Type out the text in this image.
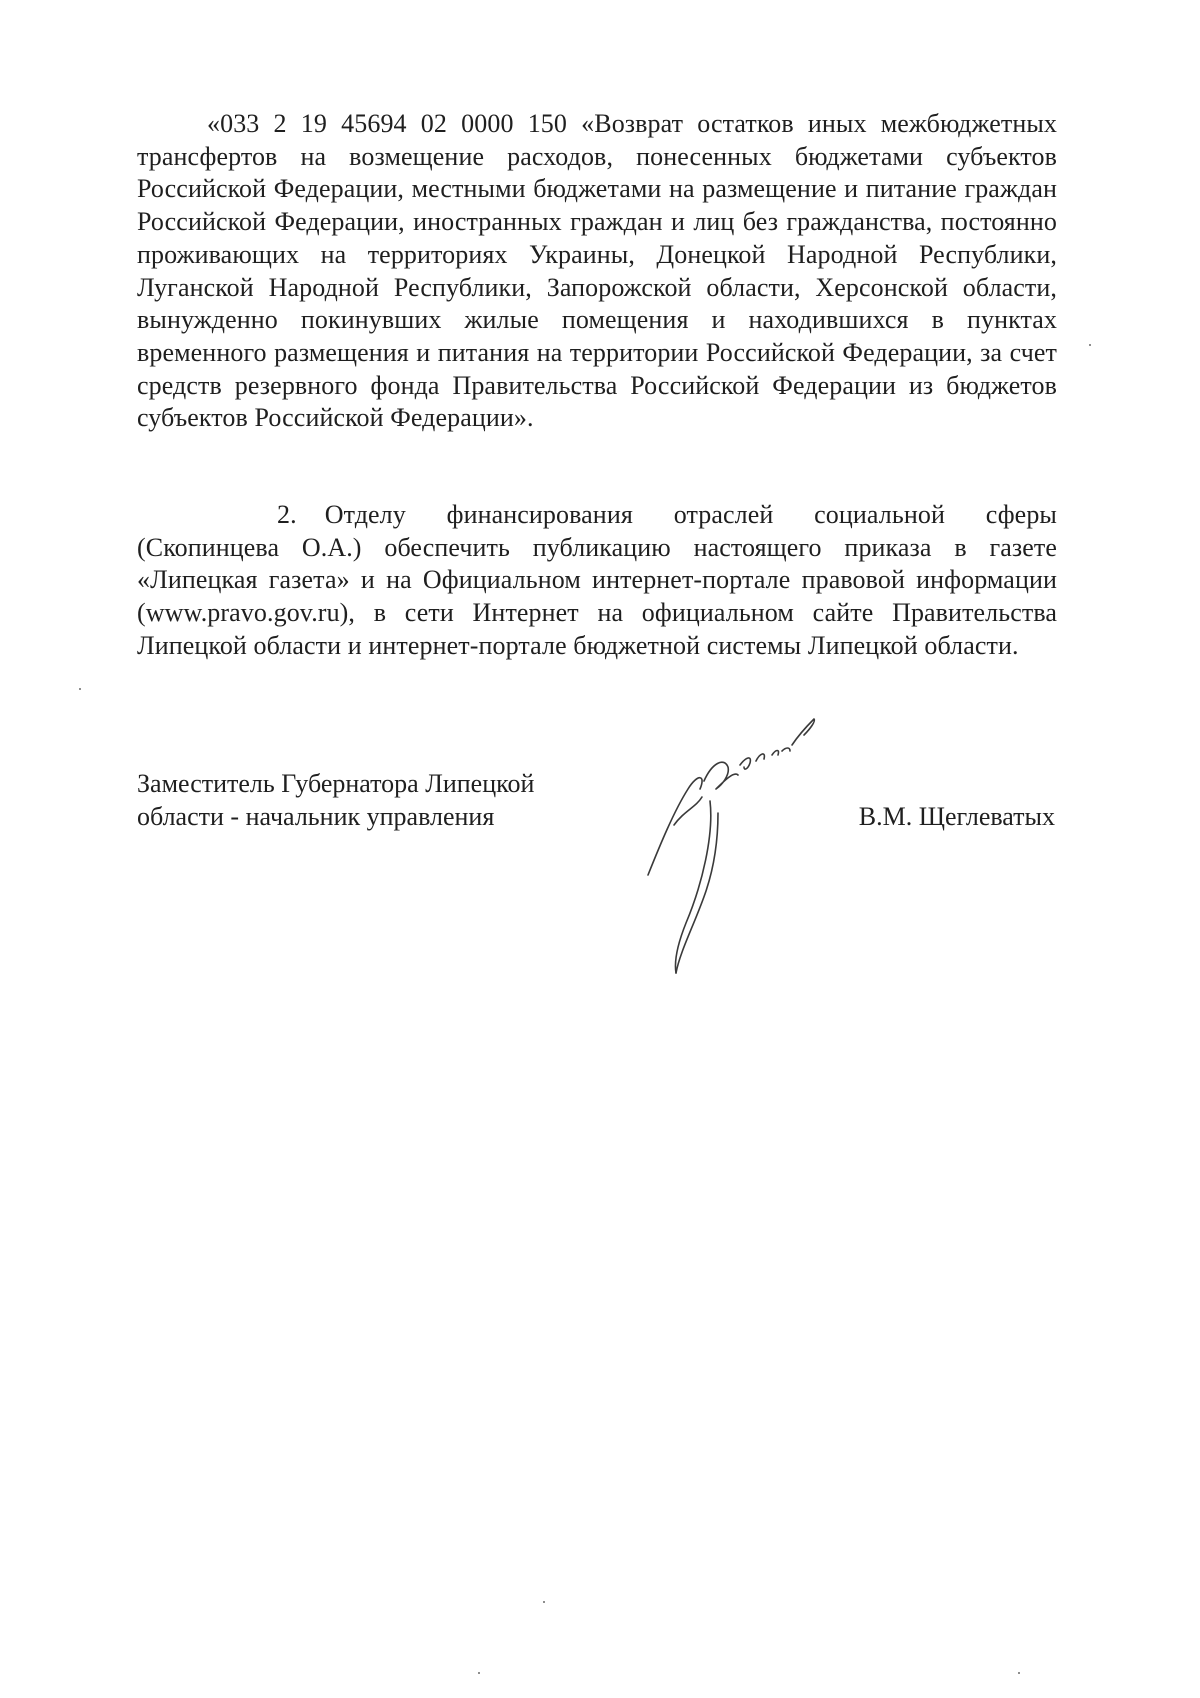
«033 2 19 45694 02 0000 150 «Возврат остатков иных межбюджетных трансфертов на возмещение расходов, понесенных бюджетами субъектов Российской Федерации, местными бюджетами на размещение и питание граждан Российской Федерации, иностранных граждан и лиц без гражданства, постоянно проживающих на территориях Украины, Донецкой Народной Республики, Луганской Народной Республики, Запорожской области, Херсонской области, вынужденно покинувших жилые помещения и находившихся в пунктах временного размещения и питания на территории Российской Федерации, за счет средств резервного фонда Правительства Российской Федерации из бюджетов субъектов Российской Федерации».

2. Отделу финансирования отраслей социальной сферы (Скопинцева О.А.) обеспечить публикацию настоящего приказа в газете «Липецкая газета» и на Официальном интернет-портале правовой информации (www.pravo.gov.ru), в сети Интернет на официальном сайте Правительства Липецкой области и интернет-портале бюджетной системы Липецкой области.

Заместитель Губернатора Липецкой
области - начальник управления	В.М. Щеглеватых
